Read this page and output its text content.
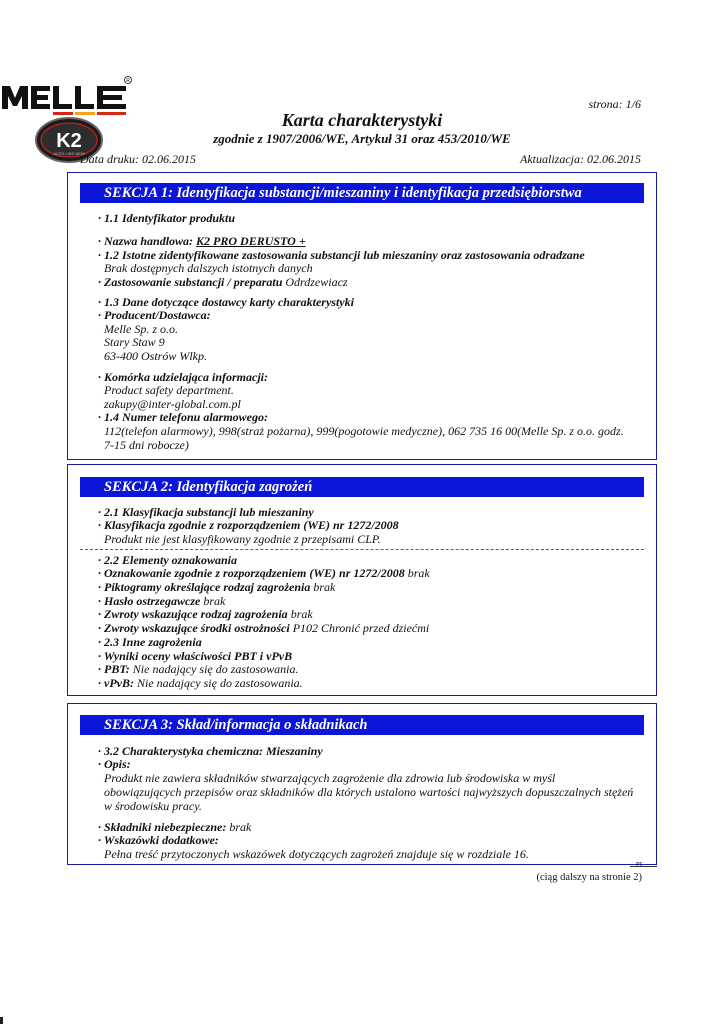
R
MELLE
K2
AUTO LIKE NEW
strona: 1/6
Karta charakterystyki
zgodnie z 1907/2006/WE, Artykuł 31 oraz 453/2010/WE
Data druku: 02.06.2015	Aktualizacja: 02.06.2015
SEKCJA 1: Identyfikacja substancji/mieszaniny i identyfikacja przedsiębiorstwa
· 1.1 Identyfikator produktu
· Nazwa handlowa: K2 PRO DERUSTO +
· 1.2 Istotne zidentyfikowane zastosowania substancji lub mieszaniny oraz zastosowania odradzane
Brak dostępnych dalszych istotnych danych
· Zastosowanie substancji / preparatu Odrdzewiacz
· 1.3 Dane dotyczące dostawcy karty charakterystyki
· Producent/Dostawca:
Melle Sp. z o.o.
Stary Staw 9
63-400 Ostrów Wlkp.
· Komórka udzielająca informacji:
Product safety department.
zakupy@inter-global.com.pl
· 1.4 Numer telefonu alarmowego:
112(telefon alarmowy), 998(straż pożarna), 999(pogotowie medyczne), 062 735 16 00(Melle Sp. z o.o. godz.
7-15 dni robocze)
SEKCJA 2: Identyfikacja zagrożeń
· 2.1 Klasyfikacja substancji lub mieszaniny
· Klasyfikacja zgodnie z rozporządzeniem (WE) nr 1272/2008
Produkt nie jest klasyfikowany zgodnie z przepisami CLP.
· 2.2 Elementy oznakowania
· Oznakowanie zgodnie z rozporządzeniem (WE) nr 1272/2008 brak
· Piktogramy określające rodzaj zagrożenia brak
· Hasło ostrzegawcze brak
· Zwroty wskazujące rodzaj zagrożenia brak
· Zwroty wskazujące środki ostrożności P102 Chronić przed dziećmi
· 2.3 Inne zagrożenia
· Wyniki oceny właściwości PBT i vPvB
· PBT: Nie nadający się do zastosowania.
· vPvB: Nie nadający się do zastosowania.
SEKCJA 3: Skład/informacja o składnikach
· 3.2 Charakterystyka chemiczna: Mieszaniny
· Opis:
Produkt nie zawiera składników stwarzających zagrożenie dla zdrowia lub środowiska w myśl
obowiązujących przepisów oraz składników dla których ustalono wartości najwyższych dopuszczalnych stężeń
w środowisku pracy.
· Składniki niebezpieczne: brak
· Wskazówki dodatkowe:
Pełna treść przytoczonych wskazówek dotyczących zagrożeń znajduje się w rozdziale 16.
PL
(ciąg dalszy na stronie 2)
